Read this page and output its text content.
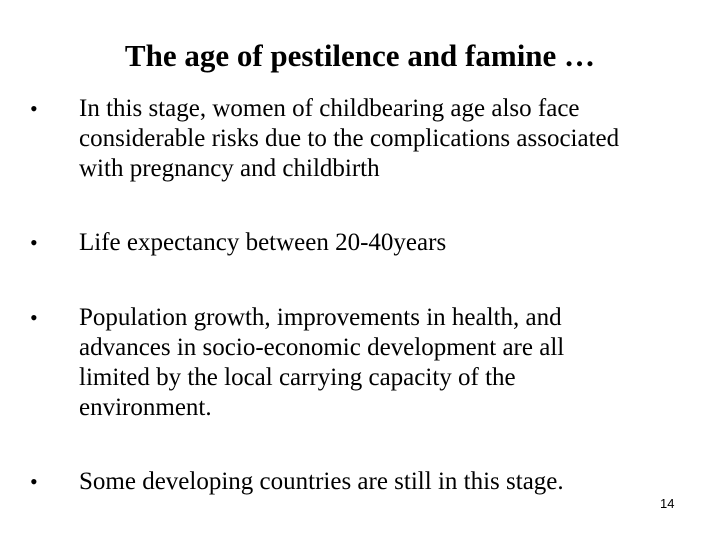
The age of pestilence and famine …
• In this stage, women of childbearing age also face
considerable risks due to the complications associated
with pregnancy and childbirth
• Life expectancy between 20-40years
• Population growth, improvements in health, and
advances in socio‑economic development are all
limited by the local carrying capacity of the
environment.
• Some developing countries are still in this stage.
14
